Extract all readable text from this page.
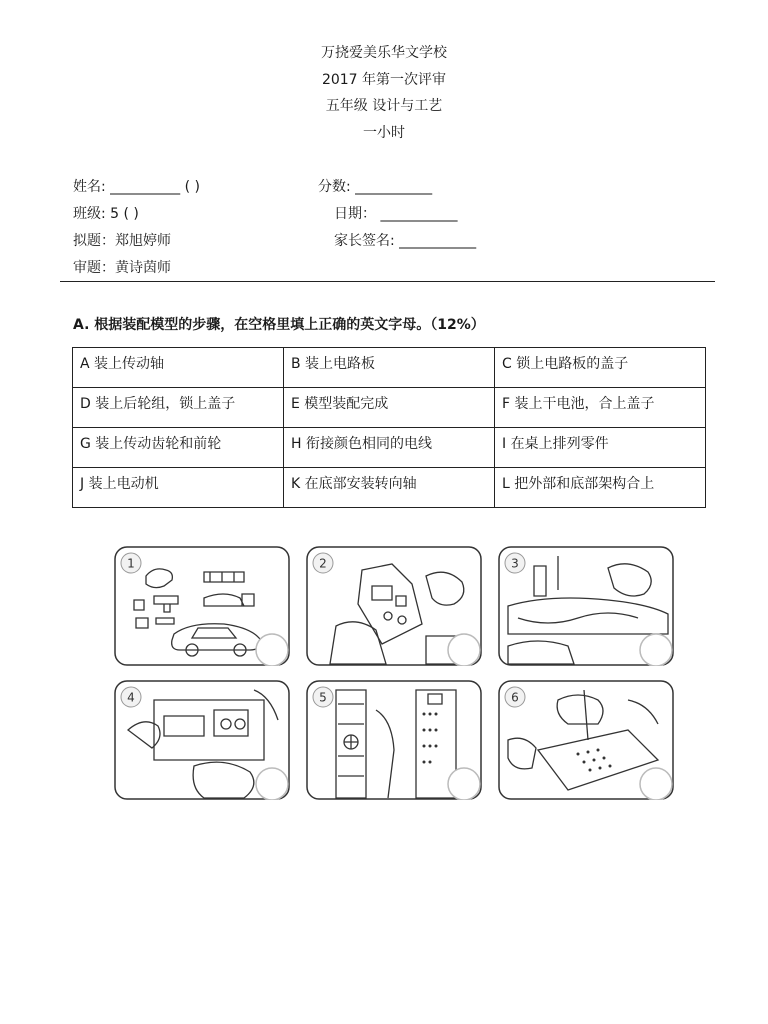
万挠爱美乐华文学校
2017 年第一次评审
五年级 设计与工艺
一小时
姓名: __________ ( )
班级: 5 ( )
拟题：郑旭婷师
审题：黄诗茵师
分数: ___________
日期： ___________
家长签名: ___________
A. 根据装配模型的步骤，在空格里填上正确的英文字母。（12%）
A 装上传动轴	B 装上电路板	C 锁上电路板的盖子
D 装上后轮组，锁上盖子	E 模型装配完成	F 装上干电池，合上盖子
G 装上传动齿轮和前轮	H 衔接颜色相同的电线	I 在桌上排列零件
J 装上电动机	K 在底部安装转向轴	L 把外部和底部架构合上
1	2	3
4	5	6
